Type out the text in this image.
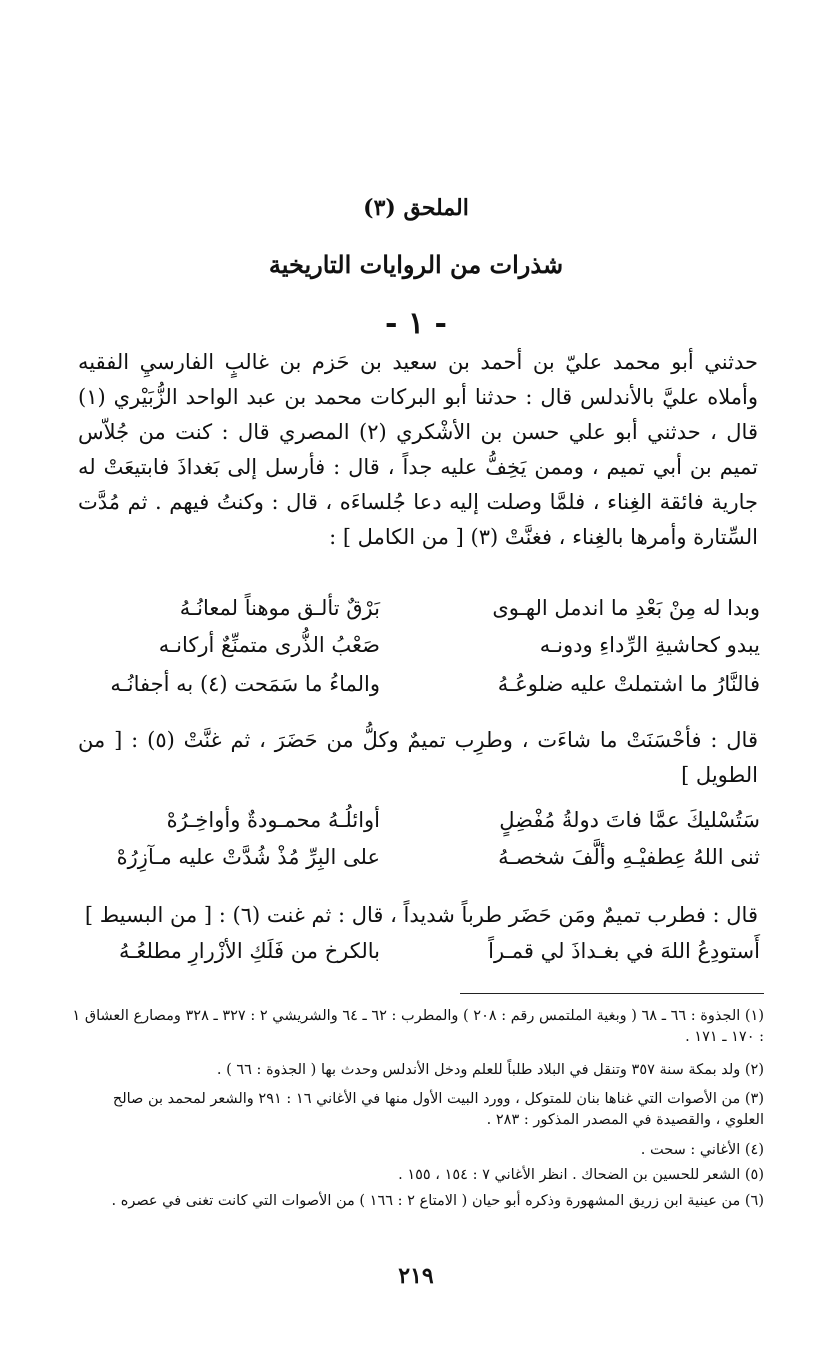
الملحق (٣)
شذرات من الروايات التاريخية
- ١ -
حدثني أبو محمد عليّ بن أحمد بن سعيد بن حَزم بن غالبٍ الفارسيِ الفقيه وأملاه عليَّ بالأندلس قال : حدثنا أبو البركات محمد بن عبد الواحد الزُّبَيْري (١) قال ، حدثني أبو علي حسن بن الأشْكري (٢) المصري قال : كنت من جُلاّس تميم بن أبي تميم ، وممن يَخِفُّ عليه جداً ، قال : فأرسل إلى بَغداذَ فابتيعَتْ له جارية فائقة الغِناء ، فلمَّا وصلت إليه دعا جُلساءَه ، قال : وكنتُ فيهم . ثم مُدَّت السِّتارة وأمرها بالغِناء ، فغنَّتْ (٣) [ من الكامل ] :
وبدا له مِنْ بَعْدِ ما اندمل الهـوى
بَرْقٌ تألـق موهناً لمعانُـهُ
يبدو كحاشيةِ الرِّداءِ ودونـه
صَعْبُ الذُّرى متمنِّعٌ أركانـه
فالنَّارُ ما اشتملتْ عليه ضلوعُـهُ
والماءُ ما سَمَحت (٤) به أجفانُـه
قال : فأحْسَنَتْ ما شاءَت ، وطرِب تميمٌ وكلُّ من حَضَرَ ، ثم غنَّتْ (٥) : [ من الطويل ]
سَتُسْليكَ عمَّا فاتَ دولةُ مُفْضِلٍ
أوائلُـهُ محمـودةٌ وأواخِـرُهْ
ثنى اللهُ عِطفيْـهِ وألَّفَ شخصـهُ
على البِرِّ مُذْ شُدَّتْ عليه مـآزِرُهْ
قال : فطرب تميمٌ ومَن حَضَر طرباً شديداً ، قال : ثم غنت (٦) : [ من البسيط ]
أَستودِعُ اللهَ في بغـداذَ لي قمـراً
بالكرخ من فَلَكِ الأزْرارِ مطلعُـهُ
(١) الجذوة : ٦٦ ـ ٦٨ ( وبغية الملتمس رقم : ٢٠٨ ) والمطرب : ٦٢ ـ ٦٤ والشريشي ٢ : ٣٢٧ ـ ٣٢٨ ومصارع العشاق ١ : ١٧٠ ـ ١٧١ .
(٢) ولد بمكة سنة ٣٥٧ وتنقل في البلاد طلباً للعلم ودخل الأندلس وحدث بها ( الجذوة : ٦٦ ) .
(٣) من الأصوات التي غناها بنان للمتوكل ، وورد البيت الأول منها في الأغاني ١٦ : ٢٩١ والشعر لمحمد بن صالح العلوي ، والقصيدة في المصدر المذكور : ٢٨٣ .
(٤) الأغاني : سحت .
(٥) الشعر للحسين بن الضحاك . انظر الأغاني ٧ : ١٥٤ ، ١٥٥ .
(٦) من عينية ابن زريق المشهورة وذكره أبو حيان ( الامتاع ٢ : ١٦٦ ) من الأصوات التي كانت تغنى في عصره .
٢١٩
